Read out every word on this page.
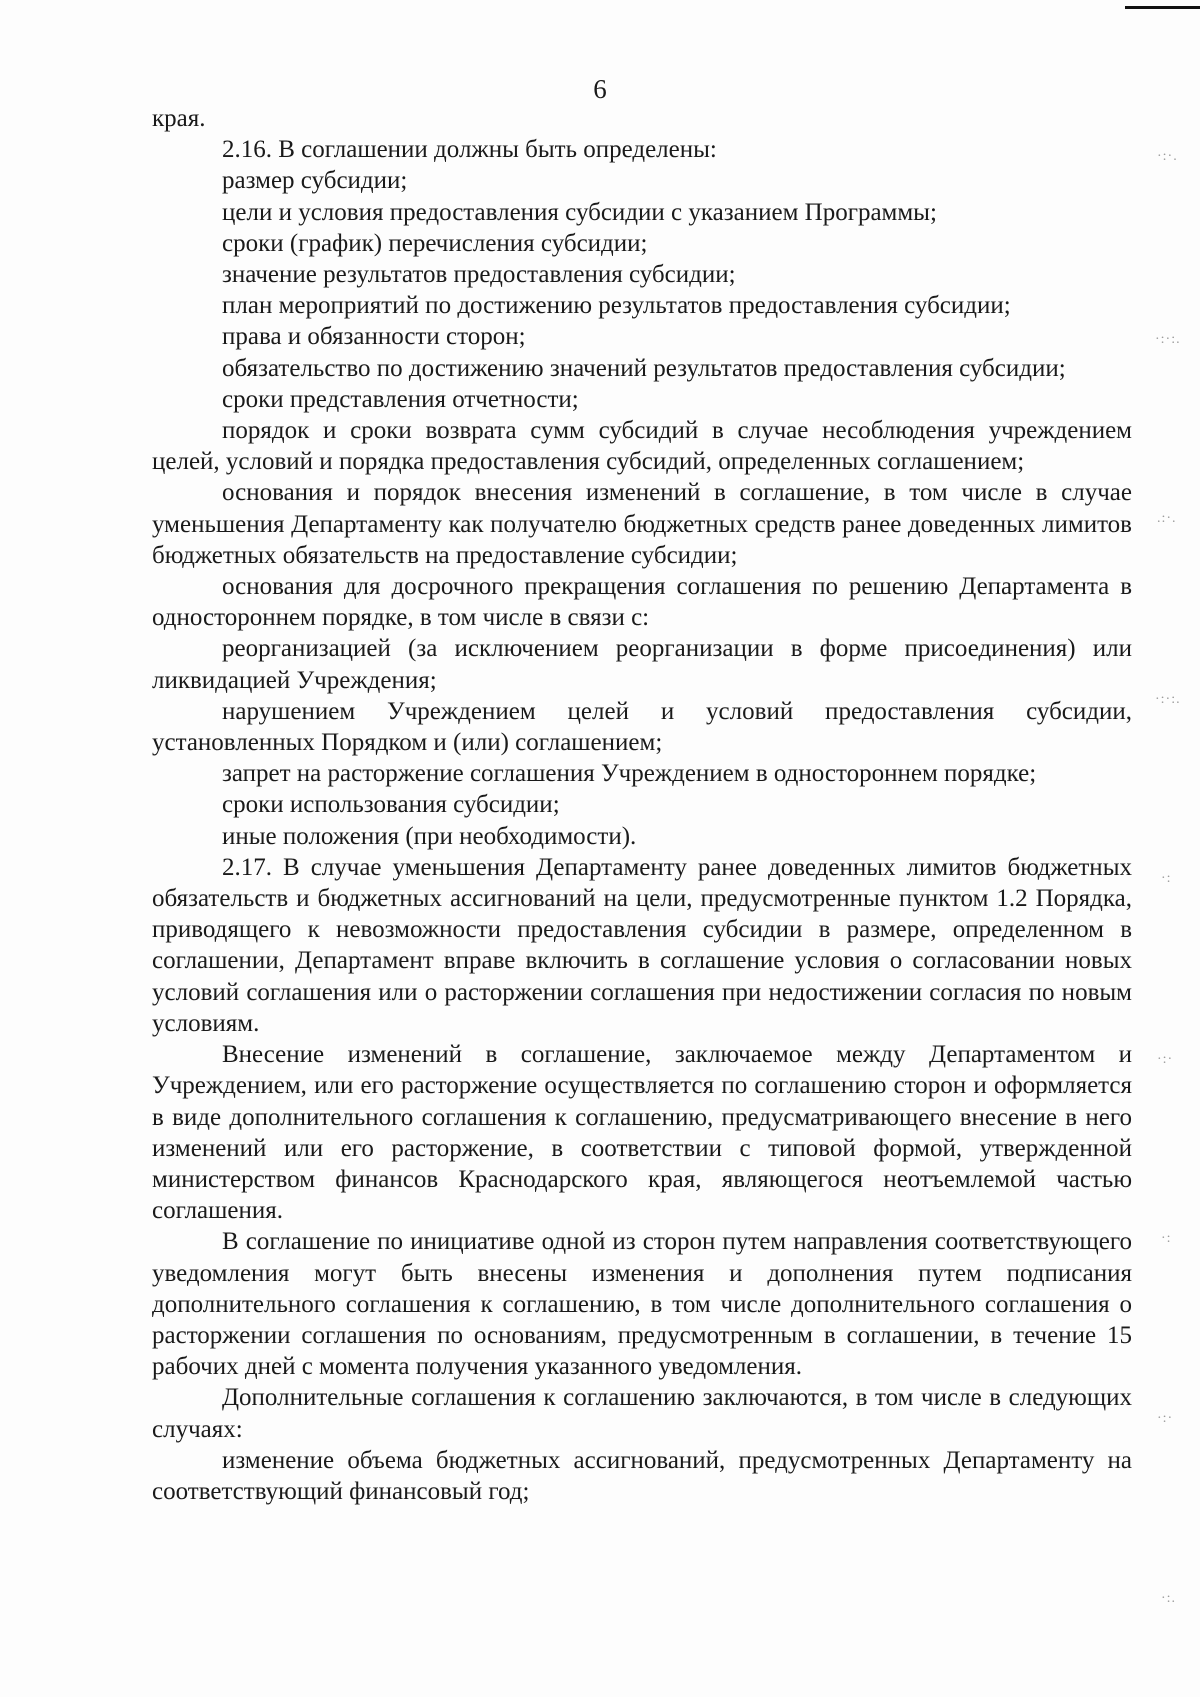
6

края.

2.16. В соглашении должны быть определены:

размер субсидии;

цели и условия предоставления субсидии с указанием Программы;

сроки (график) перечисления субсидии;

значение результатов предоставления субсидии;

план мероприятий по достижению результатов предоставления субсидии;

права и обязанности сторон;

обязательство по достижению значений результатов предоставления субсидии;

сроки представления отчетности;

порядок и сроки возврата сумм субсидий в случае несоблюдения учреждением целей, условий и порядка предоставления субсидий, определенных соглашением;

основания и порядок внесения изменений в соглашение, в том числе в случае уменьшения Департаменту как получателю бюджетных средств ранее доведенных лимитов бюджетных обязательств на предоставление субсидии;

основания для досрочного прекращения соглашения по решению Департамента в одностороннем порядке, в том числе в связи с:

реорганизацией (за исключением реорганизации в форме присоединения) или ликвидацией Учреждения;

нарушением Учреждением целей и условий предоставления субсидии, установленных Порядком и (или) соглашением;

запрет на расторжение соглашения Учреждением в одностороннем порядке;

сроки использования субсидии;

иные положения (при необходимости).

2.17. В случае уменьшения Департаменту ранее доведенных лимитов бюджетных обязательств и бюджетных ассигнований на цели, предусмотренные пунктом 1.2 Порядка, приводящего к невозможности предоставления субсидии в размере, определенном в соглашении, Департамент вправе включить в соглашение условия о согласовании новых условий соглашения или о расторжении соглашения при недостижении согласия по новым условиям.

Внесение изменений в соглашение, заключаемое между Департаментом и Учреждением, или его расторжение осуществляется по соглашению сторон и оформляется в виде дополнительного соглашения к соглашению, предусматривающего внесение в него изменений или его расторжение, в соответствии с типовой формой, утвержденной министерством финансов Краснодарского края, являющегося неотъемлемой частью соглашения.

В соглашение по инициативе одной из сторон путем направления соответствующего уведомления могут быть внесены изменения и дополнения путем подписания дополнительного соглашения к соглашению, в том числе дополнительного соглашения о расторжении соглашения по основаниям, предусмотренным в соглашении, в течение 15 рабочих дней с момента получения указанного уведомления.

Дополнительные соглашения к соглашению заключаются, в том числе в следующих случаях:

изменение объема бюджетных ассигнований, предусмотренных Департаменту на соответствующий финансовый год;

·:·.
·:·:.
.:·.
·:·:.
·:
·:·
·:
·:·
·:.
